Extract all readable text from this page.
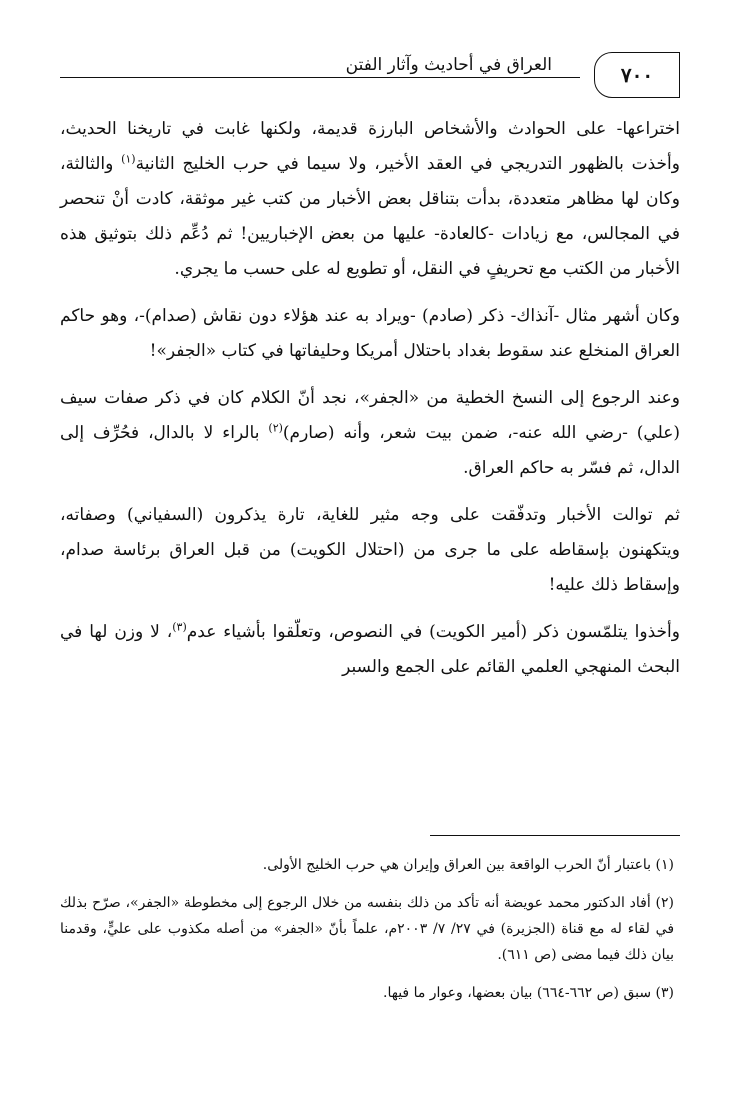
العراق في أحاديث وآثار الفتن	٧٠٠

اختراعها- على الحوادث والأشخاص البارزة قديمة، ولكنها غابت في تاريخنا الحديث، وأخذت بالظهور التدريجي في العقد الأخير، ولا سيما في حرب الخليج الثانية$^{(١)}$ والثالثة، وكان لها مظاهر متعددة، بدأت بتناقل بعض الأخبار من كتب غير موثقة، كادت أنْ تنحصر في المجالس، مع زيادات -كالعادة- عليها من بعض الإخباريين! ثم دُعِّم ذلك بتوثيق هذه الأخبار من الكتب مع تحريفٍ في النقل، أو تطويع له على حسب ما يجري.

وكان أشهر مثال -آنذاك- ذكر (صادم) -ويراد به عند هؤلاء دون نقاش (صدام)-، وهو حاكم العراق المنخلع عند سقوط بغداد باحتلال أمريكا وحليفاتها في كتاب «الجفر»!

وعند الرجوع إلى النسخ الخطية من «الجفر»، نجد أنّ الكلام كان في ذكر صفات سيف (علي) -رضي الله عنه-، ضمن بيت شعر، وأنه (صارم)$^{(٢)}$ بالراء لا بالدال، فحُرِّف إلى الدال، ثم فسّر به حاكم العراق.

ثم توالت الأخبار وتدفّقت على وجه مثير للغاية، تارة يذكرون (السفياني) وصفاته، ويتكهنون بإسقاطه على ما جرى من (احتلال الكويت) من قبل العراق برئاسة صدام، وإسقاط ذلك عليه!

وأخذوا يتلمّسون ذكر (أمير الكويت) في النصوص، وتعلّقوا بأشياء عدم$^{(٣)}$، لا وزن لها في البحث المنهجي العلمي القائم على الجمع والسبر

(١) باعتبار أنّ الحرب الواقعة بين العراق وإيران هي حرب الخليج الأولى.

(٢) أفاد الدكتور محمد عويضة أنه تأكد من ذلك بنفسه من خلال الرجوع إلى مخطوطة «الجفر»، صرّح بذلك في لقاء له مع قناة (الجزيرة) في ٢٧/ ٧/ ٢٠٠٣م، علماً بأنّ «الجفر» من أصله مكذوب على عليٍّ، وقدمنا بيان ذلك فيما مضى (ص ٦١١).

(٣) سبق (ص ٦٦٢-٦٦٤) بيان بعضها، وعوار ما فيها.
